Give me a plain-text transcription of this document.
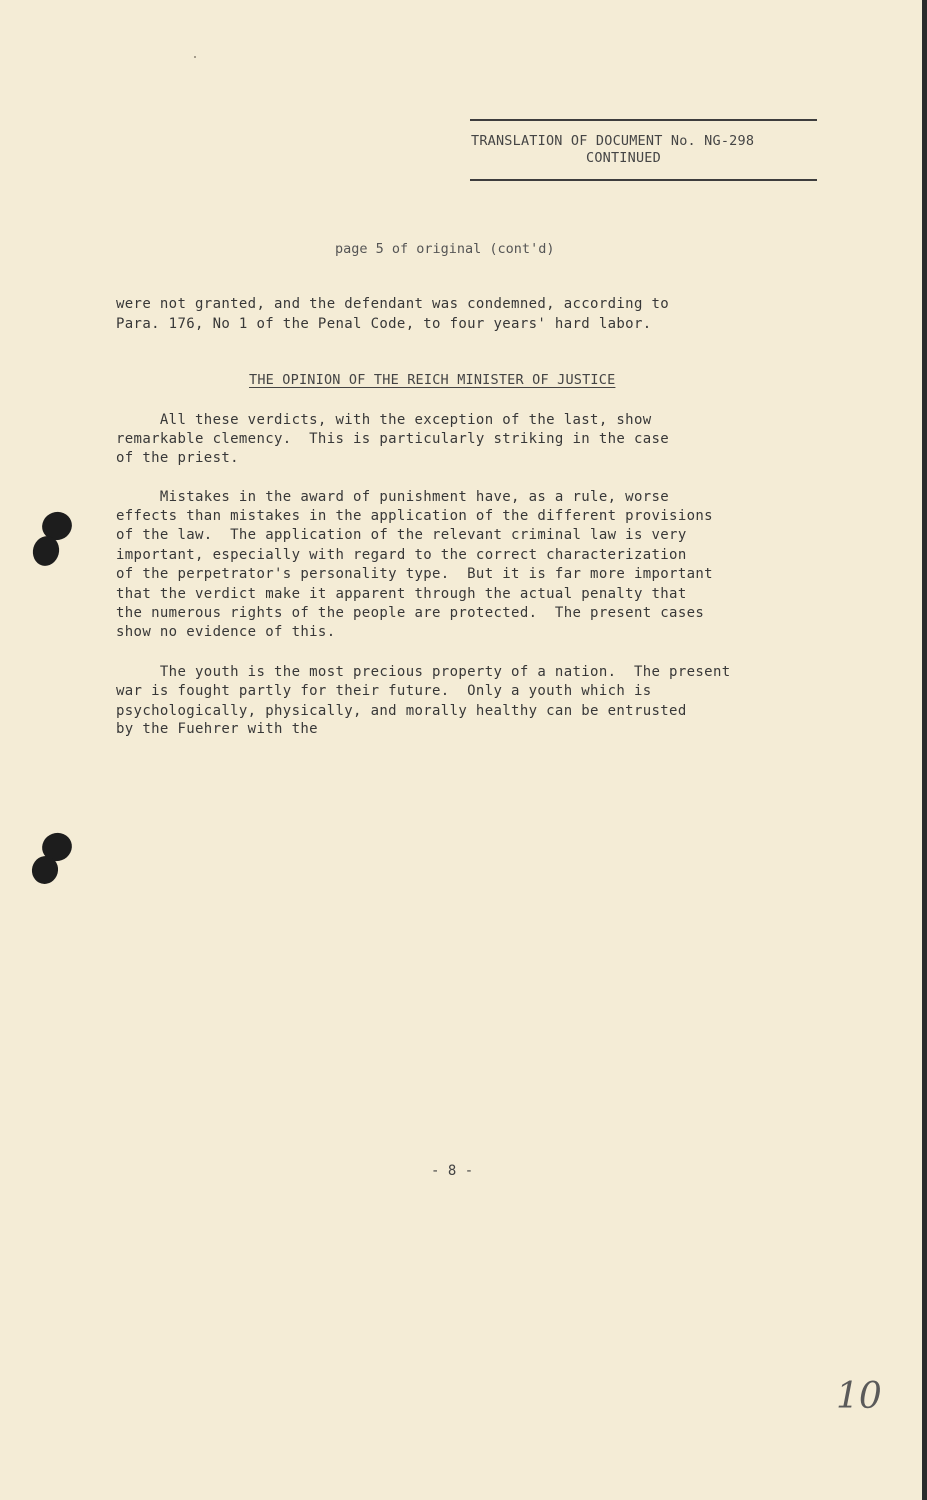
TRANSLATION OF DOCUMENT No. NG-298
CONTINUED
page 5 of original (cont'd)
were not granted, and the defendant was condemned, according to
Para. 176, No 1 of the Penal Code, to four years' hard labor.
THE OPINION OF THE REICH MINISTER OF JUSTICE
All these verdicts, with the exception of the last, show
remarkable clemency.  This is particularly striking in the case
of the priest.
Mistakes in the award of punishment have, as a rule, worse
effects than mistakes in the application of the different provisions
of the law.  The application of the relevant criminal law is very
important, especially with regard to the correct characterization
of the perpetrator's personality type.  But it is far more important
that the verdict make it apparent through the actual penalty that
the numerous rights of the people are protected.  The present cases
show no evidence of this.
The youth is the most precious property of a nation.  The present
war is fought partly for their future.  Only a youth which is
psychologically, physically, and morally healthy can be entrusted
by the Fuehrer with the
- 8 -
10
